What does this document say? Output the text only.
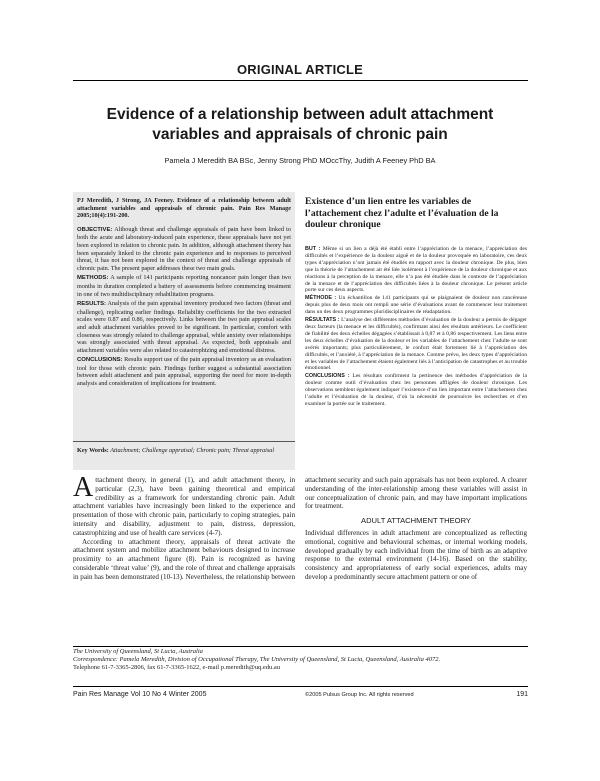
ORIGINAL ARTICLE
Evidence of a relationship between adult attachment
variables and appraisals of chronic pain
Pamela J Meredith BA BSc, Jenny Strong PhD MOccThy, Judith A Feeney PhD BA

PJ Meredith, J Strong, JA Feeney. Evidence of a relationship between adult attachment variables and appraisals of chronic pain. Pain Res Manage 2005;10(4):191-200.

OBJECTIVE: Although threat and challenge appraisals of pain have been linked to both the acute and laboratory-induced pain experience, these appraisals have not yet been explored in relation to chronic pain. In addition, although attachment theory has been separately linked to the chronic pain experience and to responses to perceived threat, it has not been explored in the context of threat and challenge appraisals of chronic pain. The present paper addresses these two main goals.

METHODS: A sample of 141 participants reporting noncancer pain longer than two months in duration completed a battery of assessments before commencing treatment in one of two multidisciplinary rehabilitation programs.

RESULTS: Analysis of the pain appraisal inventory produced two factors (threat and challenge), replicating earlier findings. Reliability coefficients for the two extracted scales were 0.87 and 0.86, respectively. Links between the two pain appraisal scales and adult attachment variables proved to be significant. In particular, comfort with closeness was strongly related to challenge appraisal, while anxiety over relationships was strongly associated with threat appraisal. As expected, both appraisals and attachment variables were also related to catastrophizing and emotional distress.

CONCLUSIONS: Results support use of the pain appraisal inventory as an evaluation tool for those with chronic pain. Findings further suggest a substantial association between adult attachment and pain appraisal, supporting the need for more in-depth analysis and consideration of implications for treatment.

Key Words: Attachment; Challenge appraisal; Chronic pain; Threat appraisal
Existence d’un lien entre les variables de l’attachement chez l’adulte et l’évaluation de la douleur chronique

BUT : Même si un lien a déjà été établi entre l’appréciation de la menace, l’appréciation des difficultés et l’expérience de la douleur aiguë et de la douleur provoquée en laboratoire, ces deux types d’appréciation n’ont jamais été étudiés en rapport avec la douleur chronique. De plus, bien que la théorie de l’attachement ait été liée isolément à l’expérience de la douleur chronique et aux réactions à la perception de la menace, elle n’a pas été étudiée dans le contexte de l’appréciation de la menace et de l’appréciation des difficultés liées à la douleur chronique. Le présent article porte sur ces deux aspects.

MÉTHODE : Un échantillon de 141 participants qui se plaignaient de douleur non cancéreuse depuis plus de deux mois ont rempli une série d’évaluations avant de commencer leur traitement dans un des deux programmes pluridisciplinaires de réadaptation.

RÉSULTATS : L’analyse des différentes méthodes d’évaluation de la douleur a permis de dégager deux facteurs (la menace et les difficultés), confirmant ainsi des résultats antérieurs. Le coefficient de fiabilité des deux échelles dégagées s’établissait à 0,87 et à 0,86 respectivement. Les liens entre les deux échelles d’évaluation de la douleur et les variables de l’attachement chez l’adulte se sont avérés importants; plus particulièrement, le confort était fortement lié à l’appréciation des difficultés, et l’anxiété, à l’appréciation de la menace. Comme prévu, les deux types d’appréciation et les variables de l’attachement étaient également liés à l’anticipation de catastrophes et au trouble émotionnel.

CONCLUSIONS : Les résultats confirment la pertinence des méthodes d’appréciation de la douleur comme outil d’évaluation chez les personnes affligées de douleur chronique. Les observations semblent également indiquer l’existence d’un lien important entre l’attachement chez l’adulte et l’évaluation de la douleur, d’où la nécessité de poursuivre les recherches et d’en examiner la portée sur le traitement.

Attachment theory, in general (1), and adult attachment theory, in particular (2,3), have been gaining theoretical and empirical credibility as a framework for understanding chronic pain. Adult attachment variables have increasingly been linked to the experience and presentation of those with chronic pain, particularly to coping strategies, pain intensity and disability, adjustment to pain, distress, depression, catastrophizing and use of health care services (4-7).

According to attachment theory, appraisals of threat activate the attachment system and mobilize attachment behaviours designed to increase proximity to an attachment figure (8). Pain is recognized as having considerable ‘threat value’ (9), and the role of threat and challenge appraisals in pain has been demonstrated (10-13). Nevertheless, the relationship between

attachment security and such pain appraisals has not been explored. A clearer understanding of the inter-relationship among these variables will assist in our conceptualization of chronic pain, and may have important implications for treatment.

ADULT ATTACHMENT THEORY

Individual differences in adult attachment are conceptualized as reflecting emotional, cognitive and behavioural schemas, or internal working models, developed gradually by each individual from the time of birth as an adaptive response to the external environment (14-16). Based on the stability, consistency and appropriateness of early social experiences, adults may develop a predominantly secure attachment pattern or one of

The University of Queensland, St Lucia, Australia
Correspondence: Pamela Meredith, Division of Occupational Therapy, The University of Queensland, St Lucia, Queensland, Australia 4072.
Telephone 61-7-3365-2806, fax 61-7-3365-1622, e-mail p.meredith@uq.edu.au
Pain Res Manage Vol 10 No 4 Winter 2005	©2005 Pulsus Group Inc. All rights reserved	191
